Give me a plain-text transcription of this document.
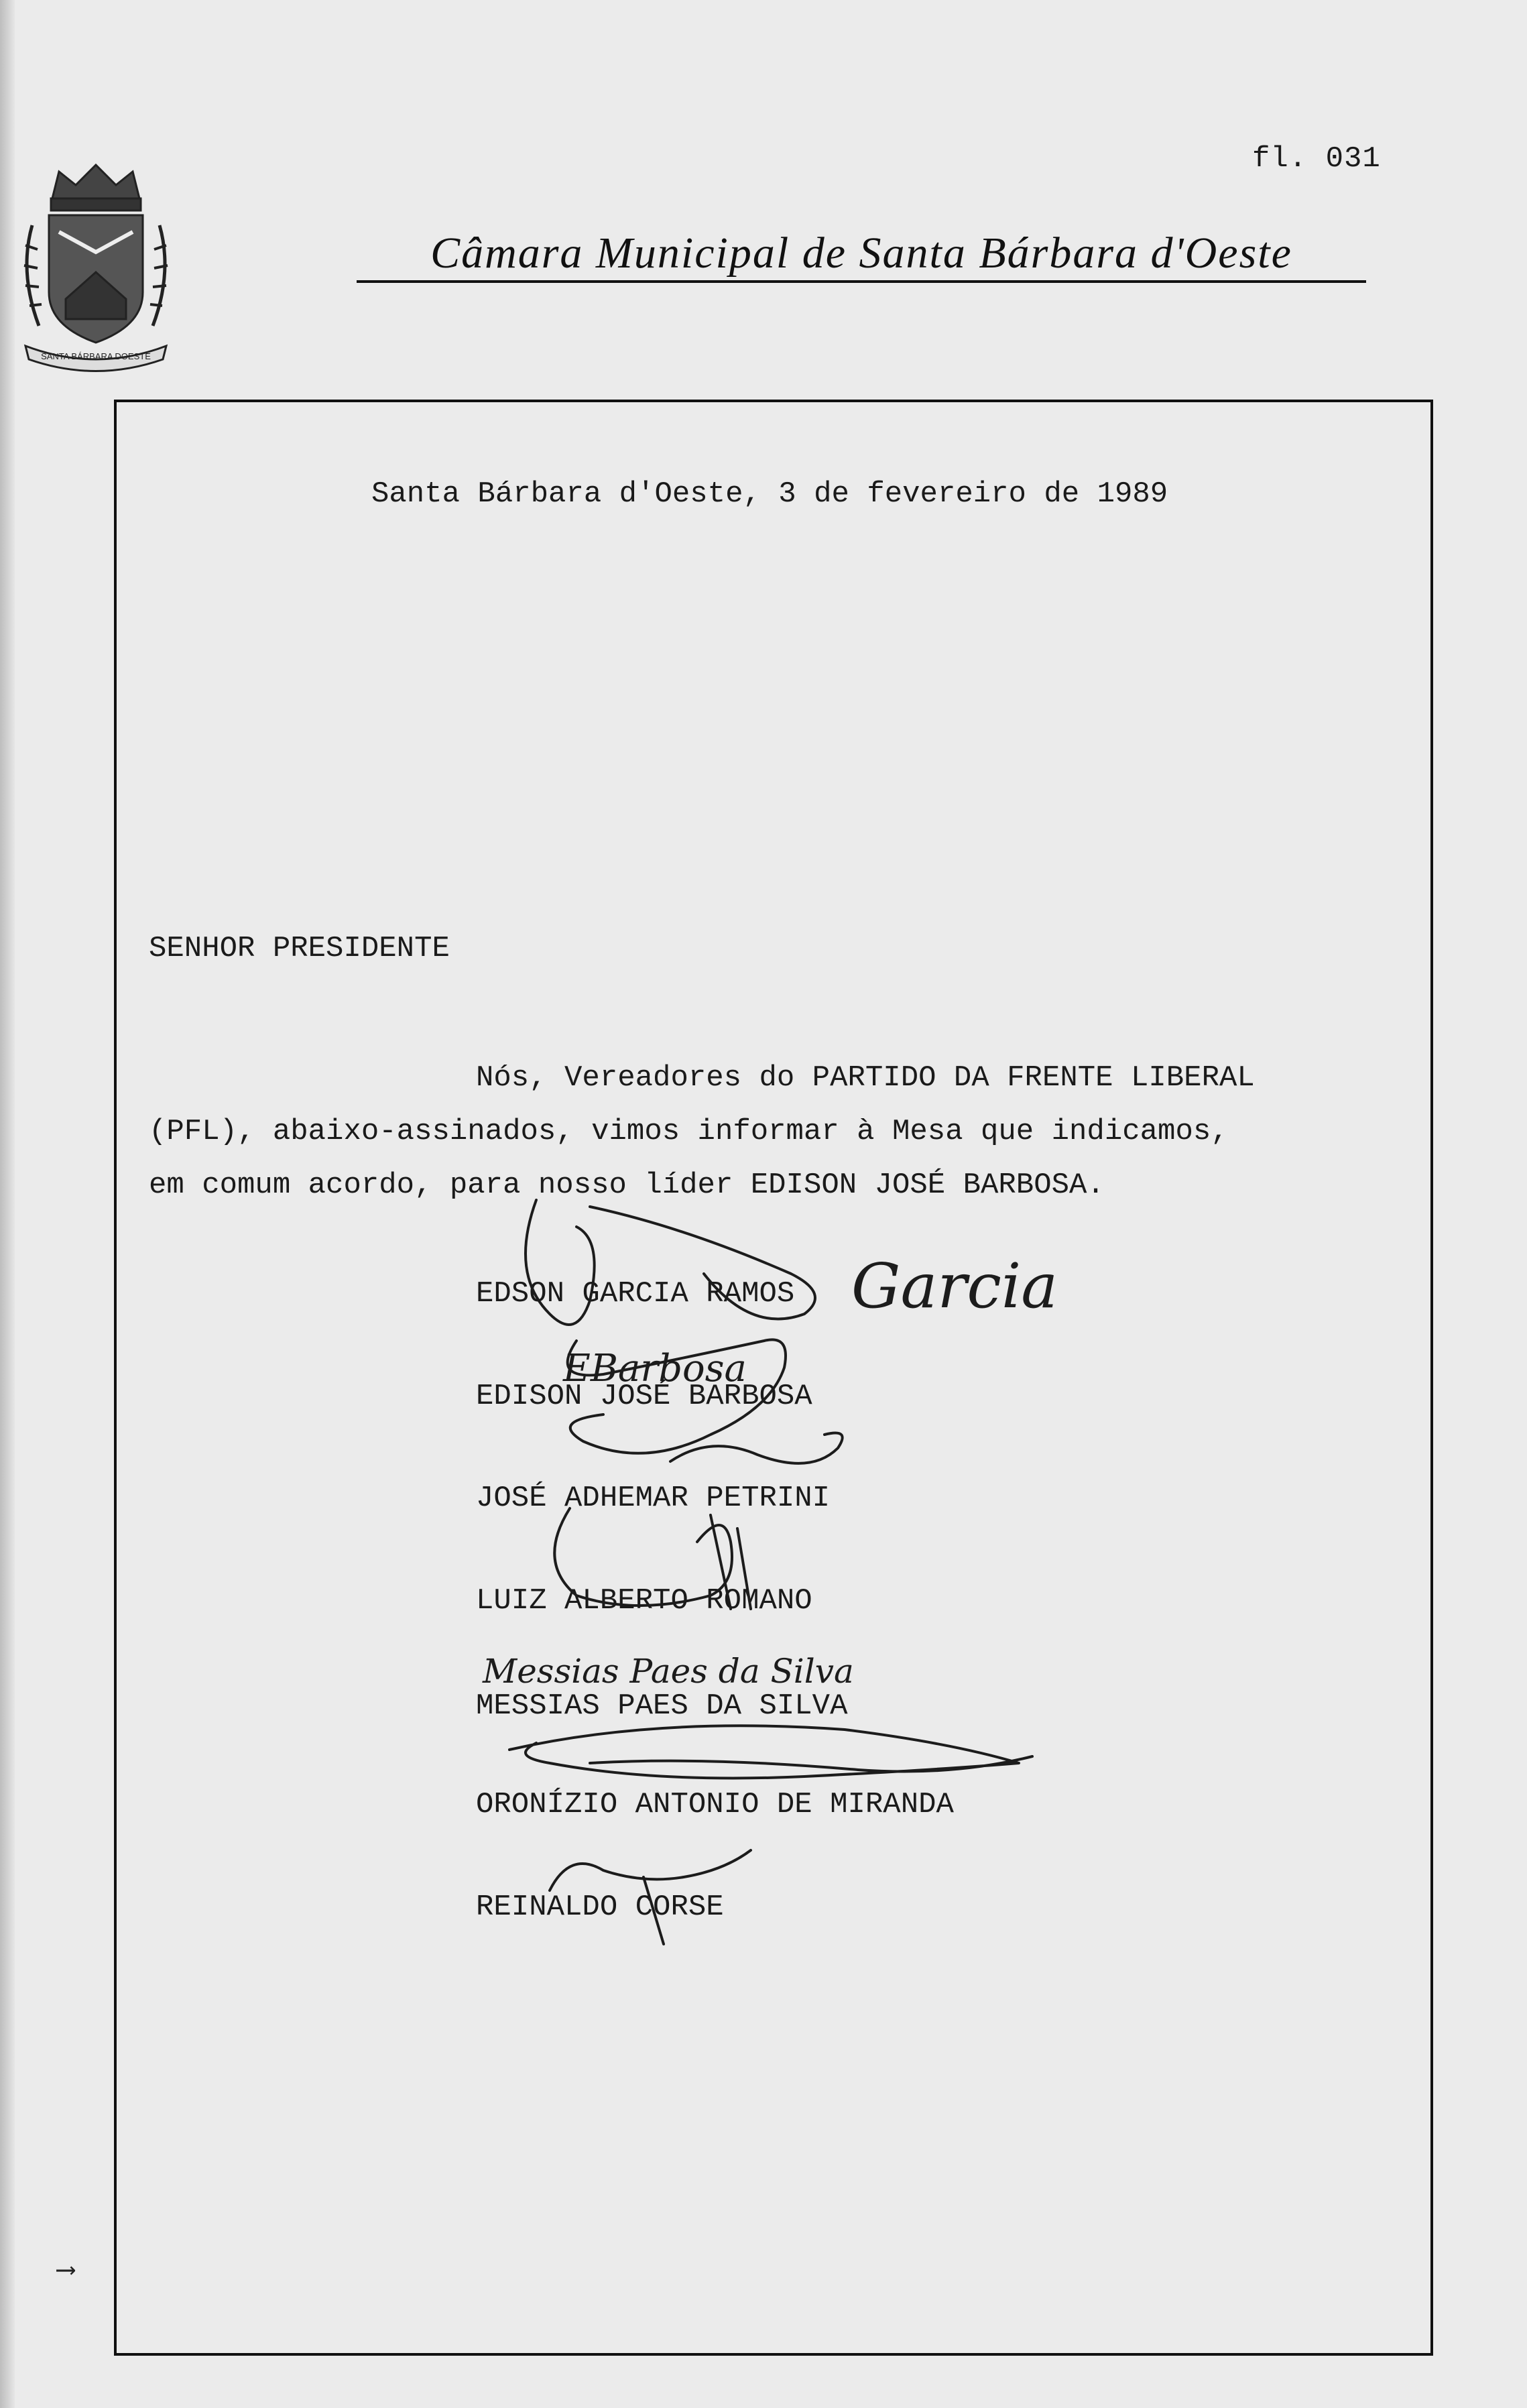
fl. 031
SANTA BÁRBARA DOESTE
Câmara Municipal de Santa Bárbara d'Oeste
Santa Bárbara d'Oeste, 3 de fevereiro de 1989
SENHOR PRESIDENTE

Nós, Vereadores do PARTIDO DA FRENTE LIBERAL
(PFL), abaixo-assinados, vimos informar à Mesa que indicamos,
em comum acordo, para nosso líder EDISON JOSÉ BARBOSA.

EDSON GARCIA RAMOS
EDISON JOSÉ BARBOSA
JOSÉ ADHEMAR PETRINI
LUIZ ALBERTO ROMANO
MESSIAS PAES DA SILVA
ORONÍZIO ANTONIO DE MIRANDA
REINALDO CORSE
Garcia
EBarbosa
Messias Paes da Silva
⟶
